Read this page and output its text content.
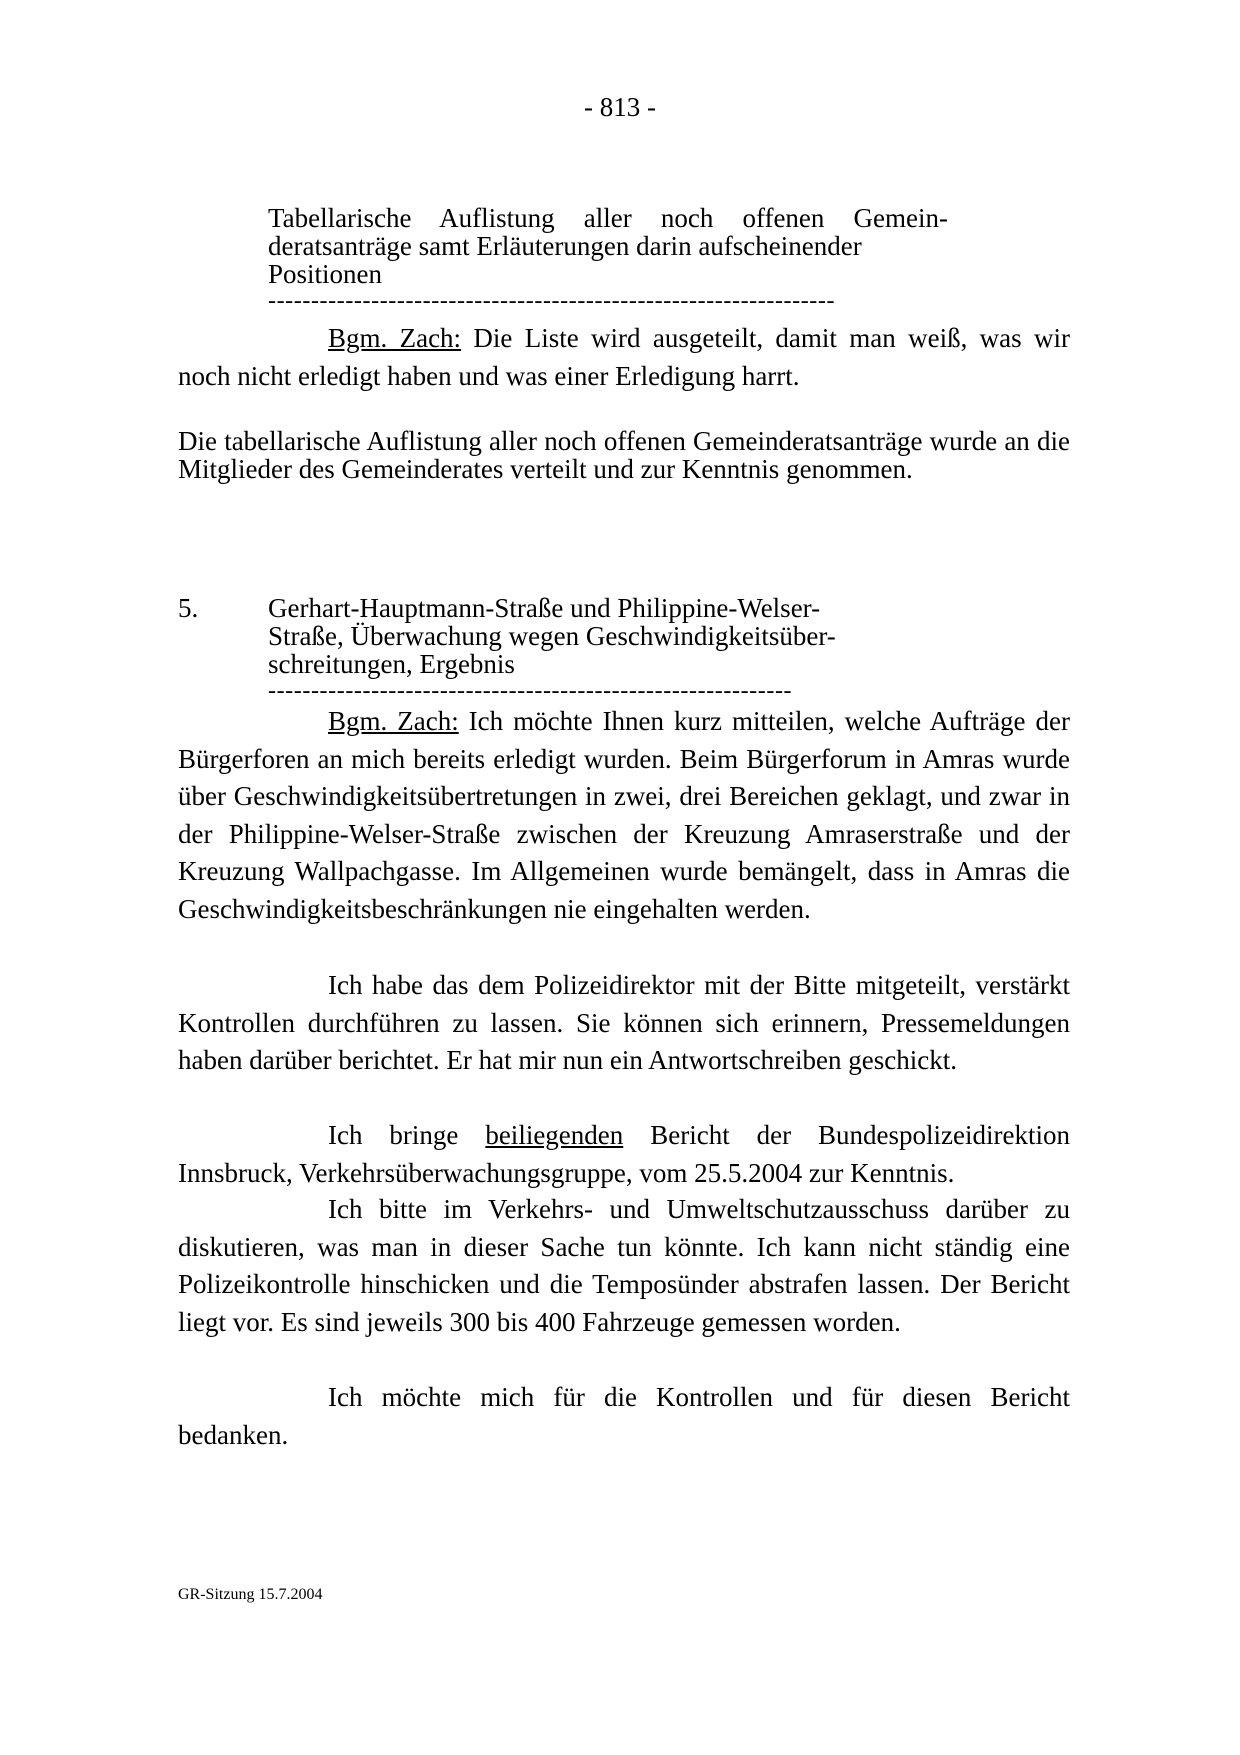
- 813 -
Tabellarische Auflistung aller noch offenen Gemein-
deratsanträge samt Erläuterungen darin aufscheinender
Positionen
------------------------------------------------------------------

Bgm. Zach: Die Liste wird ausgeteilt, damit man weiß, was wir noch nicht erledigt haben und was einer Erledigung harrt.

Die tabellarische Auflistung aller noch offenen Gemeinderatsanträge wurde an die Mitglieder des Gemeinderates verteilt und zur Kenntnis genommen.

5.	Gerhart-Hauptmann-Straße und Philippine-Welser-
Straße, Überwachung wegen Geschwindigkeitsüber-
schreitungen, Ergebnis
-------------------------------------------------------------

Bgm. Zach: Ich möchte Ihnen kurz mitteilen, welche Aufträge der Bürgerforen an mich bereits erledigt wurden. Beim Bürgerforum in Amras wurde über Geschwindigkeitsübertretungen in zwei, drei Bereichen geklagt, und zwar in der Philippine-Welser-Straße zwischen der Kreuzung Amraserstraße und der Kreuzung Wallpachgasse. Im Allgemeinen wurde bemängelt, dass in Amras die Geschwindigkeitsbeschränkungen nie eingehalten werden.

Ich habe das dem Polizeidirektor mit der Bitte mitgeteilt, verstärkt Kontrollen durchführen zu lassen. Sie können sich erinnern, Pressemeldungen haben darüber berichtet. Er hat mir nun ein Antwortschreiben geschickt.

Ich bringe beiliegenden Bericht der Bundespolizeidirektion Innsbruck, Verkehrsüberwachungsgruppe, vom 25.5.2004 zur Kenntnis.

Ich bitte im Verkehrs- und Umweltschutzausschuss darüber zu diskutieren, was man in dieser Sache tun könnte. Ich kann nicht ständig eine Polizeikontrolle hinschicken und die Temposünder abstrafen lassen. Der Bericht liegt vor. Es sind jeweils 300 bis 400 Fahrzeuge gemessen worden.

Ich möchte mich für die Kontrollen und für diesen Bericht bedanken.

GR-Sitzung 15.7.2004
